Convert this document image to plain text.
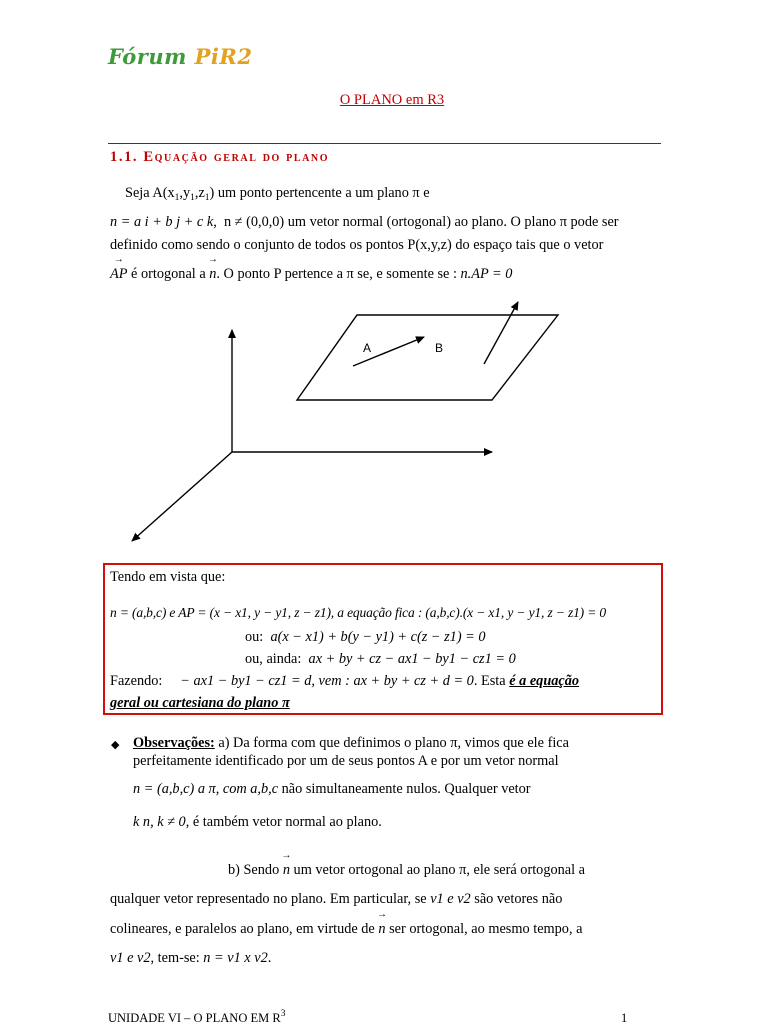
Fórum PiR2
O PLANO em R3
1.1. Equação geral do plano
Seja $A(x_1,y_1,z_1)$ um ponto pertencente a um plano π e
n = a i + b j + c k, n ≠ (0,0,0) um vetor normal (ortogonal) ao plano. O plano π pode ser
definido como sendo o conjunto de todos os pontos P(x,y,z) do espaço tais que o vetor
→ AP é ortogonal a → n. O ponto P pertence a π se, e somente se : n.AP = 0
A	B
Tendo em vista que:
n = (a,b,c) e AP = (x − x1, y − y1, z − z1), a equação fica : (a,b,c).(x − x1, y − y1, z − z1) = 0
ou: a(x − x1) + b(y − y1) + c(z − z1) = 0
ou, ainda: ax + by + cz − ax1 − by1 − cz1 = 0
Fazendo: − ax1 − by1 − cz1 = d, vem : ax + by + cz + d = 0. Esta é a equação
geral ou cartesiana do plano π
◆ Observações: a) Da forma com que definimos o plano π, vimos que ele fica
perfeitamente identificado por um de seus pontos A e por um vetor normal
n = (a,b,c) a π, com a,b,c não simultaneamente nulos. Qualquer vetor
k n, k ≠ 0, é também vetor normal ao plano.
b) Sendo → n um vetor ortogonal ao plano π, ele será ortogonal a
qualquer vetor representado no plano. Em particular, se v1 e v2 são vetores não
colineares, e paralelos ao plano, em virtude de → n ser ortogonal, ao mesmo tempo, a
v1 e v2, tem-se: n = v1 x v2.
UNIDADE VI – O PLANO EM $R^3$	1
